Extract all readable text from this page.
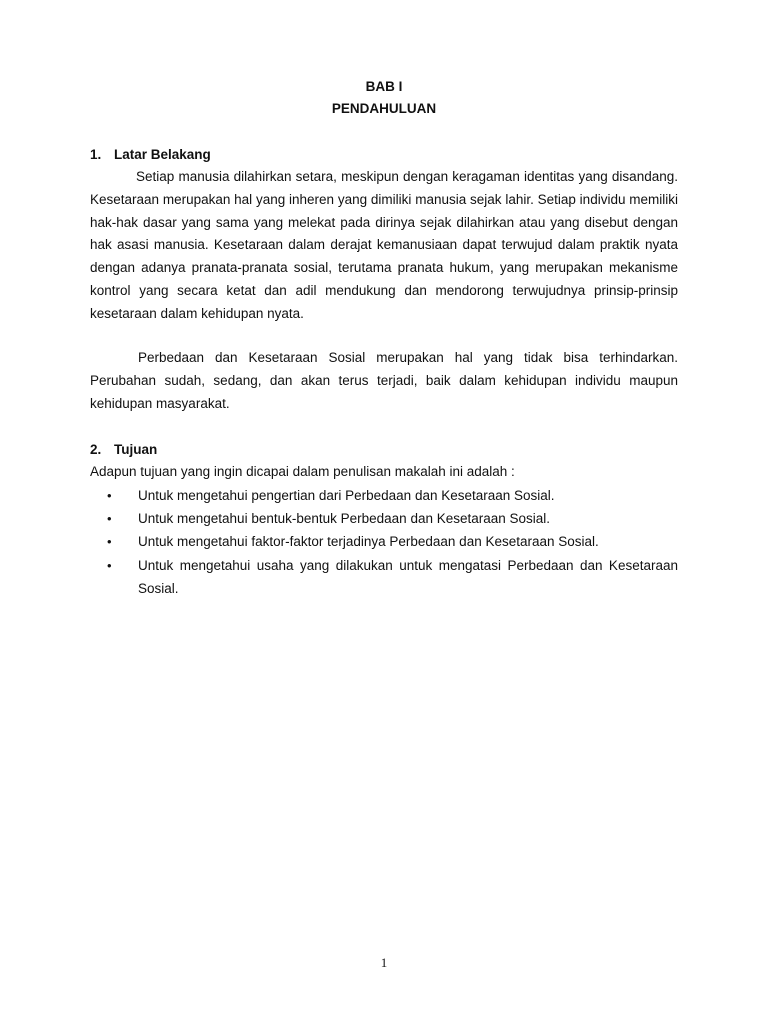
BAB I
PENDAHULUAN
1. Latar Belakang
Setiap manusia dilahirkan setara, meskipun dengan keragaman identitas yang disandang. Kesetaraan merupakan hal yang inheren yang dimiliki manusia sejak lahir. Setiap individu memiliki hak-hak dasar yang sama yang melekat pada dirinya sejak dilahirkan atau yang disebut dengan hak asasi manusia. Kesetaraan dalam derajat kemanusiaan dapat terwujud dalam praktik nyata dengan adanya pranata-pranata sosial, terutama pranata hukum, yang merupakan mekanisme kontrol yang secara ketat dan adil mendukung dan mendorong terwujudnya prinsip-prinsip kesetaraan dalam kehidupan nyata.
Perbedaan dan Kesetaraan Sosial merupakan hal yang tidak bisa terhindarkan. Perubahan sudah, sedang, dan akan terus terjadi, baik dalam kehidupan individu maupun kehidupan masyarakat.
2. Tujuan
Adapun tujuan yang ingin dicapai dalam penulisan makalah ini adalah :
• Untuk mengetahui pengertian dari Perbedaan dan Kesetaraan Sosial.
• Untuk mengetahui bentuk-bentuk Perbedaan dan Kesetaraan Sosial.
• Untuk mengetahui faktor-faktor terjadinya Perbedaan dan Kesetaraan Sosial.
• Untuk mengetahui usaha yang dilakukan untuk mengatasi Perbedaan dan Kesetaraan Sosial.
1
